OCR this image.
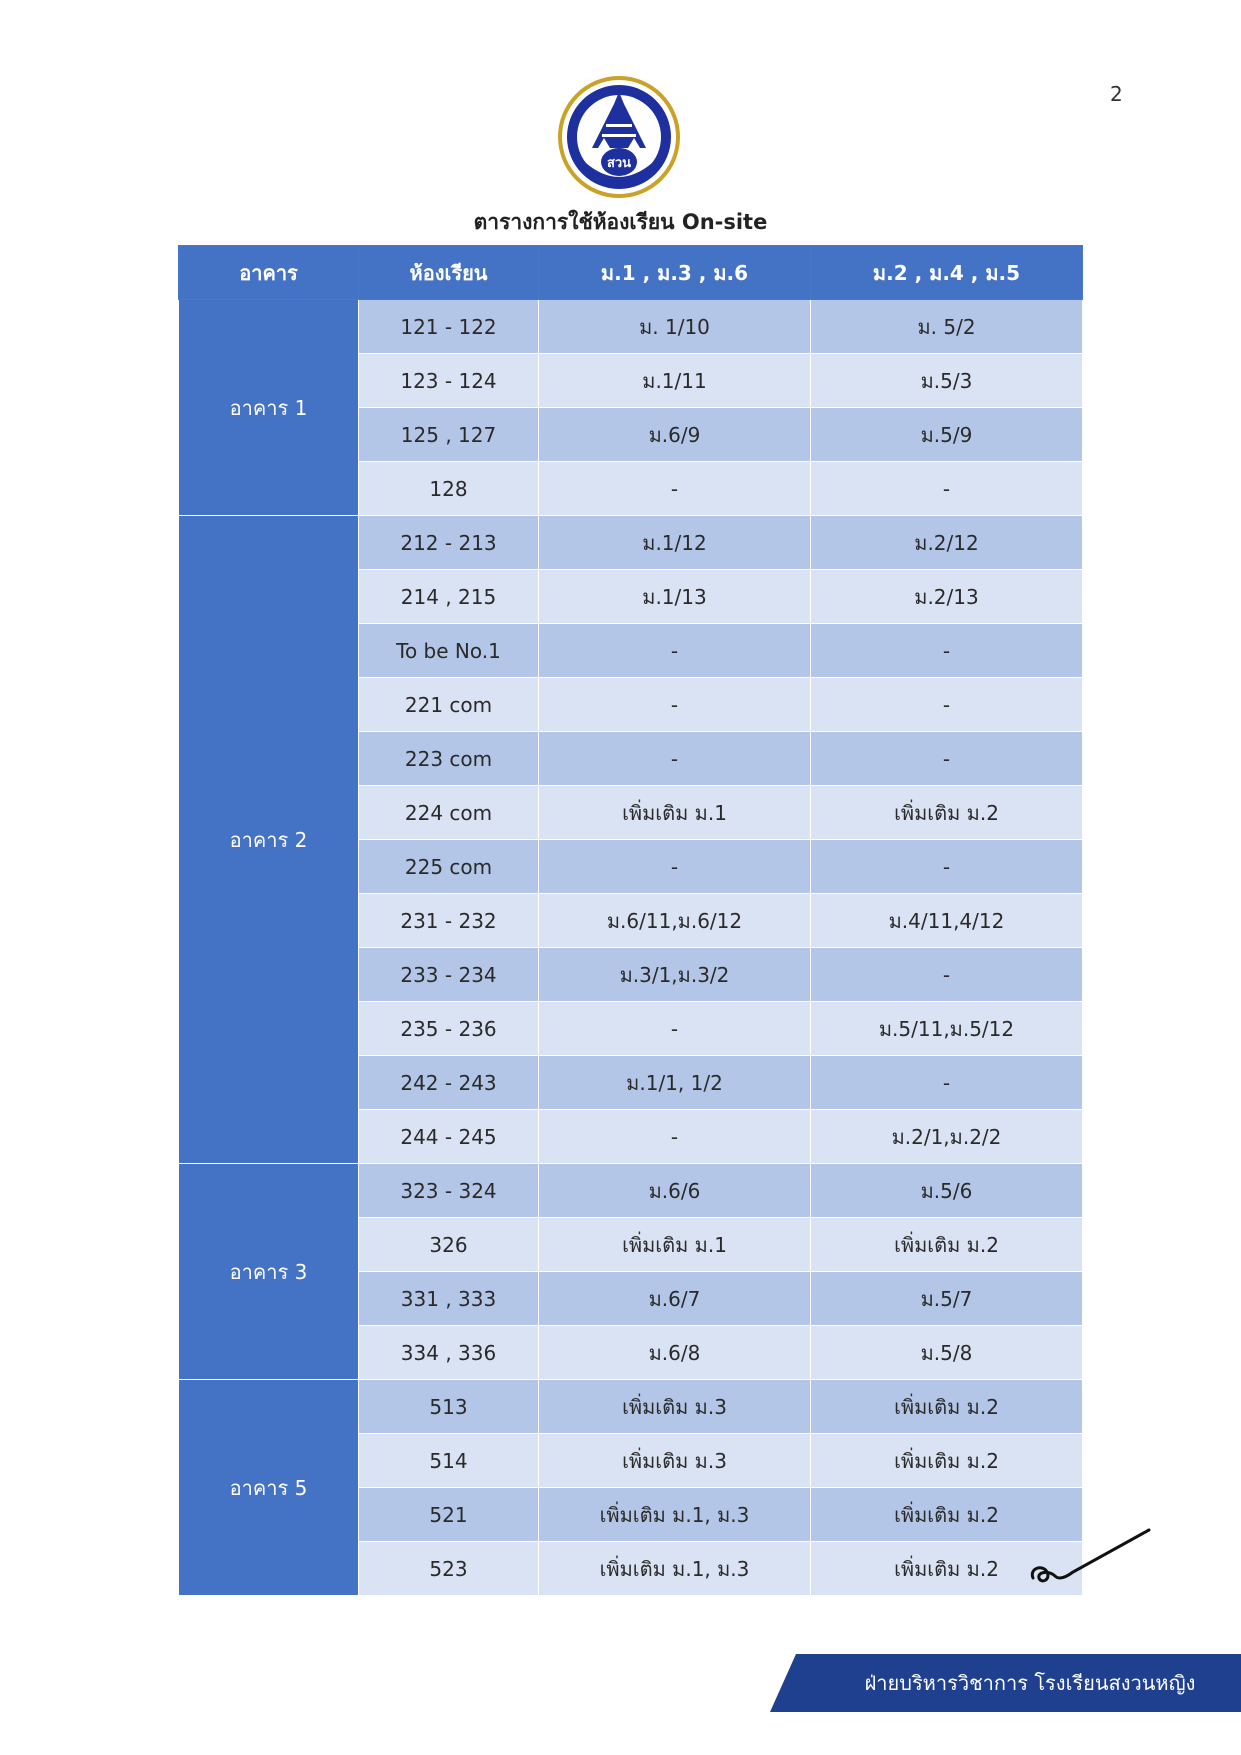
2
สวน
ตารางการใช้ห้องเรียน On-site
อาคาร	ห้องเรียน	ม.1 , ม.3 , ม.6	ม.2 , ม.4 , ม.5
อาคาร 1	121 - 122	ม. 1/10	ม. 5/2
	123 - 124	ม.1/11	ม.5/3
	125 , 127	ม.6/9	ม.5/9
	128	-	-
อาคาร 2	212 - 213	ม.1/12	ม.2/12
	214 , 215	ม.1/13	ม.2/13
	To be No.1	-	-
	221 com	-	-
	223 com	-	-
	224 com	เพิ่มเติม ม.1	เพิ่มเติม ม.2
	225 com	-	-
	231 - 232	ม.6/11,ม.6/12	ม.4/11,4/12
	233 - 234	ม.3/1,ม.3/2	-
	235 - 236	-	ม.5/11,ม.5/12
	242 - 243	ม.1/1, 1/2	-
	244 - 245	-	ม.2/1,ม.2/2
อาคาร 3	323 - 324	ม.6/6	ม.5/6
	326	เพิ่มเติม ม.1	เพิ่มเติม ม.2
	331 , 333	ม.6/7	ม.5/7
	334 , 336	ม.6/8	ม.5/8
อาคาร 5	513	เพิ่มเติม ม.3	เพิ่มเติม ม.2
	514	เพิ่มเติม ม.3	เพิ่มเติม ม.2
	521	เพิ่มเติม ม.1, ม.3	เพิ่มเติม ม.2
	523	เพิ่มเติม ม.1, ม.3	เพิ่มเติม ม.2
ฝ่ายบริหารวิชาการ โรงเรียนสงวนหญิง
